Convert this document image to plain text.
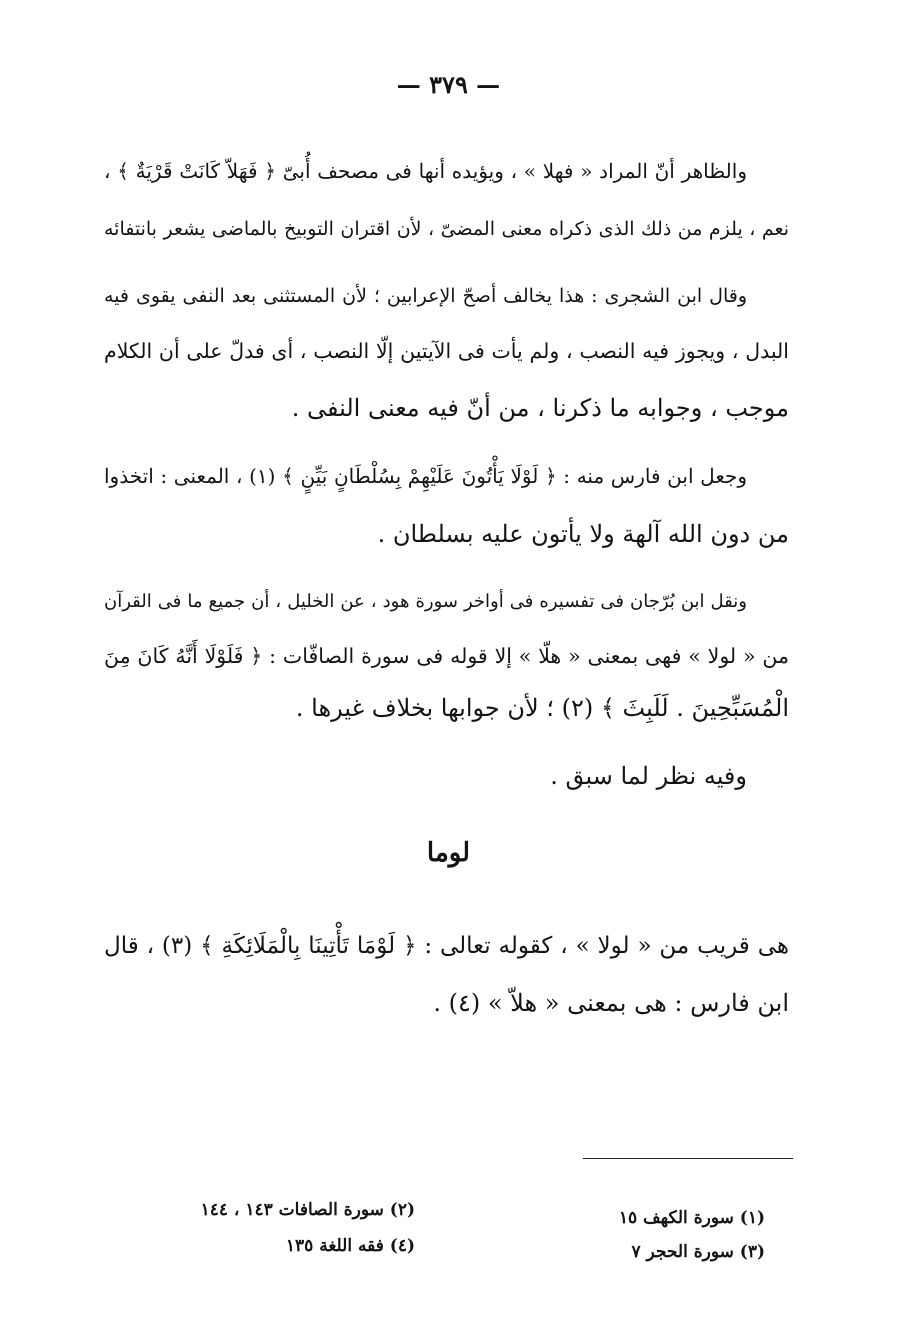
— ٣٧٩ —
والظاهر أنّ المراد « فهلا » ، ويؤيده أنها فى مصحف أُبىّ ﴿ فَهَلاّ كَانَتْ قَرْيَةٌ ﴾ ،
نعم ، يلزم من ذلك الذى ذكراه معنى المضىّ ، لأن اقتران التوبيخ بالماضى يشعر بانتفائه
وقال ابن الشجرى : هذا يخالف أصحّ الإعرابين ؛ لأن المستثنى بعد النفى يقوى فيه
البدل ، ويجوز فيه النصب ، ولم يأت فى الآيتين إلّا النصب ، أى فدلّ على أن الكلام
موجب ، وجوابه ما ذكرنا ، من أنّ فيه معنى النفى .
وجعل ابن فارس منه : ﴿ لَوْلَا يَأْتُونَ عَلَيْهِمْ بِسُلْطَانٍ بَيِّنٍ ﴾ (١) ، المعنى : اتخذوا
من دون الله آلهة ولا يأتون عليه بسلطان .
ونقل ابن بُرّجان فى تفسيره فى أواخر سورة هود ، عن الخليل ، أن جميع ما فى القرآن
من « لولا » فهى بمعنى « هلّا » إلا قوله فى سورة الصافّات : ﴿ فَلَوْلَا أَنَّهُ كَانَ مِنَ
الْمُسَبِّحِينَ . لَلَبِثَ ﴾ (٢) ؛ لأن جوابها بخلاف غيرها .
وفيه نظر لما سبق .
لوما
هى قريب من « لولا » ، كقوله تعالى : ﴿ لَوْمَا تَأْتِينَا بِالْمَلَائِكَةِ ﴾ (٣) ، قال
ابن فارس : هى بمعنى « هلاّ » (٤) .
(١) سورة الكهف ١٥
(٢) سورة الصافات ١٤٣ ، ١٤٤
(٣) سورة الحجر ٧
(٤) فقه اللغة ١٣٥
